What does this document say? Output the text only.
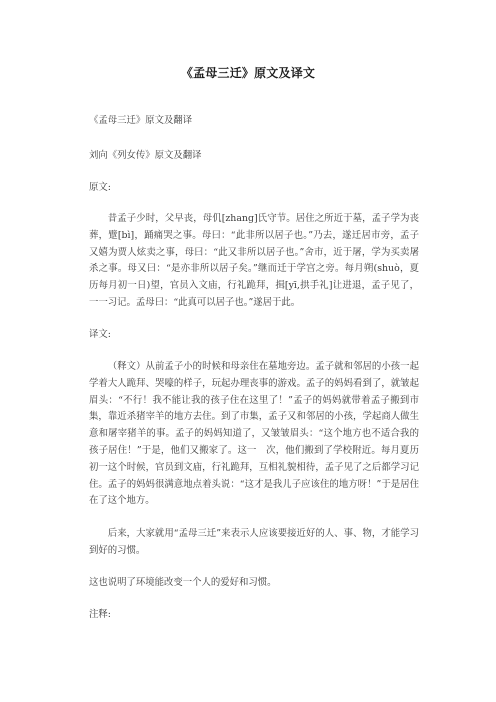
《孟母三迁》原文及译文
《孟母三迁》原文及翻译
刘向《列女传》原文及翻译
原文:
昔孟子少时，父早丧，母仉[zhang]氏守节。居住之所近于墓，孟子学为丧葬，躄[bì]，踊痛哭之事。母曰：“此非所以居子也。”乃去，遂迁居市旁，孟子又嬉为贾人炫卖之事，母曰：“此又非所以居子也。”舍市，近于屠，学为买卖屠杀之事。母又曰：“是亦非所以居子矣。”继而迁于学宫之旁。每月朔(shuò，夏历每月初一日)望，官员入文庙，行礼跪拜，揖[yī,拱手礼]让进退，孟子见了，一一习记。孟母曰：“此真可以居子也。”遂居于此。
译文:
（释文）从前孟子小的时候和母亲住在墓地旁边。孟子就和邻居的小孩一起学着大人跪拜、哭嚎的样子，玩起办理丧事的游戏。孟子的妈妈看到了，就皱起眉头：“不行！我不能让我的孩子住在这里了！”孟子的妈妈就带着孟子搬到市集，靠近杀猪宰羊的地方去住。到了市集，孟子又和邻居的小孩，学起商人做生意和屠宰猪羊的事。孟子的妈妈知道了，又皱皱眉头：“这个地方也不适合我的孩子居住！”于是，他们又搬家了。这一　次，他们搬到了学校附近。每月夏历初一这个时候，官员到文庙，行礼跪拜，互相礼貌相待，孟子见了之后都学习记住。孟子的妈妈很满意地点着头说：“这才是我儿子应该住的地方呀！”于是居住在了这个地方。
后来，大家就用“孟母三迁”来表示人应该要接近好的人、事、物，才能学习到好的习惯。
这也说明了环境能改变一个人的爱好和习惯。
注释:
